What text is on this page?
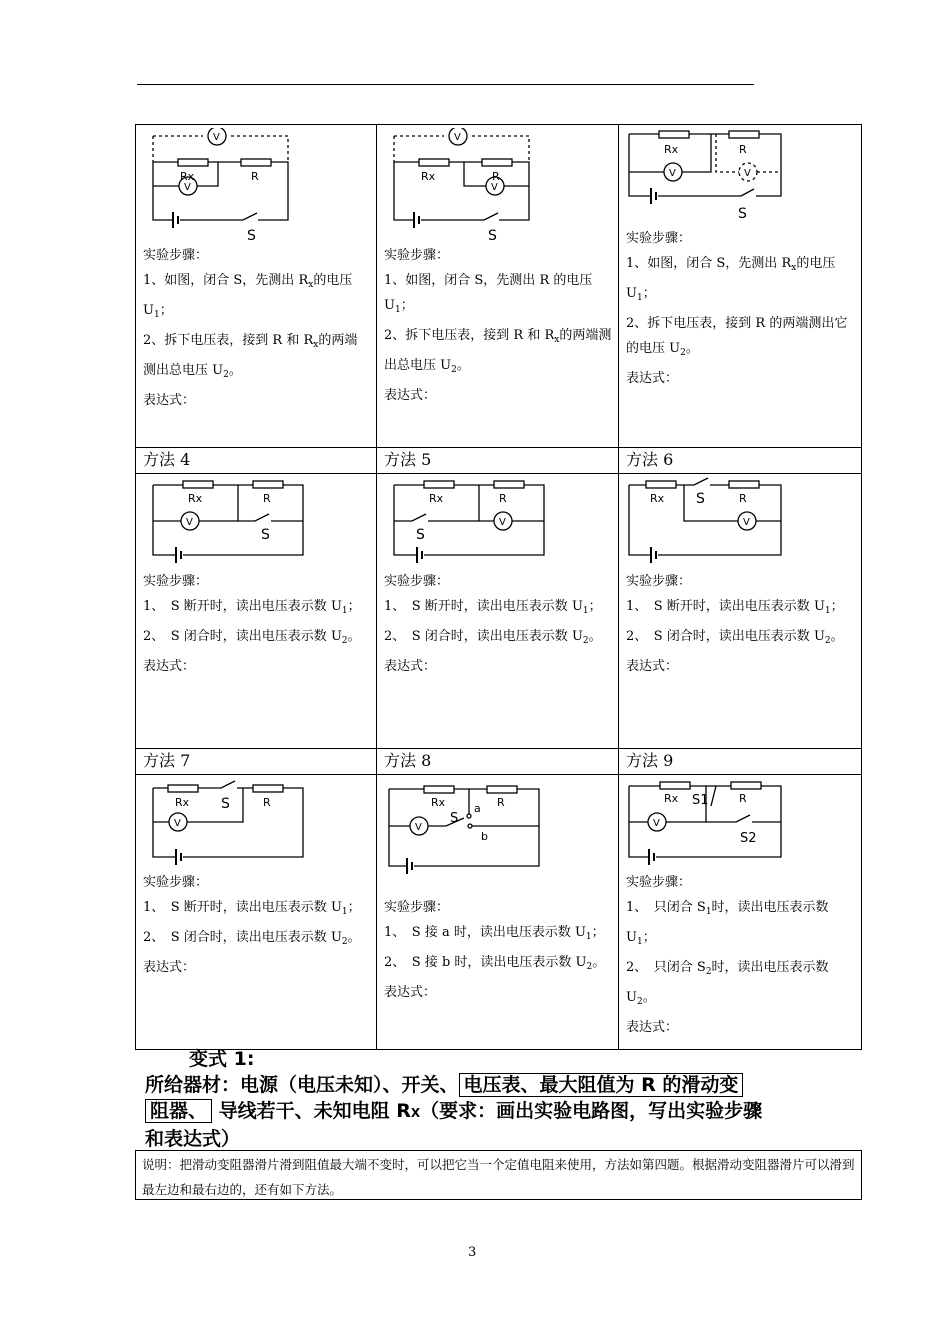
Rx	R
V
V
S
实验步骤：
1、如图，闭合 S，先测出 $R_x$的电压$U_1$；
2、拆下电压表，接到 R 和 $R_x$的两端测出总电压 $U_2$。
表达式：
Rx	R
V
V
S
实验步骤：
1、如图，闭合 S，先测出 R 的电压$U_1$；
2、拆下电压表，接到 R 和 $R_x$的两端测出总电压 $U_2$。
表达式：
Rx	R
V	V
S
实验步骤：
1、如图，闭合 S，先测出 $R_x$的电压$U_1$；
2、拆下电压表，接到 R 的两端测出它的电压 $U_2$。
表达式：
方法 4	方法 5	方法 6
Rx	R
V
S
实验步骤：
1、　S 断开时，读出电压表示数 $U_1$；
2、　S 闭合时，读出电压表示数 $U_2$。
表达式：
Rx	R
V
S
实验步骤：
1、　S 断开时，读出电压表示数 $U_1$；
2、　S 闭合时，读出电压表示数 $U_2$。
表达式：
Rx	R
V
S
实验步骤：
1、　S 断开时，读出电压表示数 $U_1$；
2、　S 闭合时，读出电压表示数 $U_2$。
表达式：
方法 7	方法 8	方法 9
Rx	R
V
S
实验步骤：
1、　S 断开时，读出电压表示数 $U_1$；
2、　S 闭合时，读出电压表示数 $U_2$。
表达式：
Rx	R
V
S
a
b
实验步骤：
1、　S 接 a 时，读出电压表示数 $U_1$；
2、　S 接 b 时，读出电压表示数 $U_2$。
表达式：
Rx	R
V
S1
S2
实验步骤：
1、　只闭合 $S_1$时，读出电压表示数 $U_1$；
2、　只闭合 $S_2$时，读出电压表示数 $U_2$。
表达式：
变式 1:
所给器材：电源（电压未知）、开关、 电压表、最大阻值为 R 的滑动变
阻器、 导线若干、未知电阻 RX（要求：画出实验电路图，写出实验步骤
和表达式）
说明：把滑动变阻器滑片滑到阻值最大端不变时，可以把它当一个定值电阻来使用，方法如第四题。根据滑动变阻器滑片可以滑到最左边和最右边的，还有如下方法。
3
